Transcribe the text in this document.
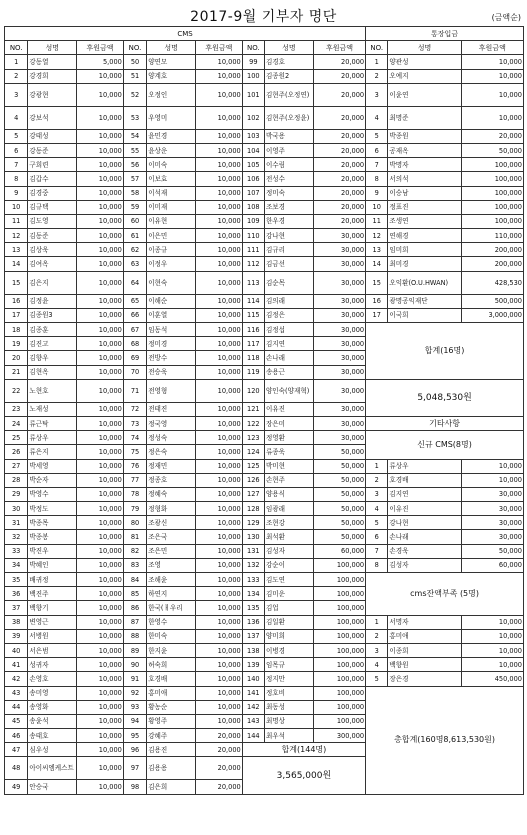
2017-9월 기부자 명단	(금액순)
CMS									통장입금		
NO.	성명	후원금액	NO.	성명	후원금액	NO.	성명	후원금액	NO.	성명	후원금액
1	강동열	5,000	50	양연모	10,000	99	김경호	20,000	1	양관성	10,000
2	강경희	10,000	51	양계호	10,000	100	김종원2	20,000	2	오예지	10,000
3	강광현	10,000	52	오정인	10,000	101	김현주(오정연)	20,000	3	이윤연	10,000
4	강보석	10,000	53	우영미	10,000	102	김현주(오정윤)	20,000	4	최명준	10,000
5	강태성	10,000	54	윤민경	10,000	103	박국용	20,000	5	박종원	20,000
6	강동준	10,000	55	윤상운	10,000	104	이영주	20,000	6	공재옥	50,000
7	구희련	10,000	56	이미숙	10,000	105	이수림	20,000	7	박명자	100,000
8	김갑수	10,000	57	이보효	10,000	106	전성수	20,000	8	서의석	100,000
9	김경중	10,000	58	이석재	10,000	107	정미숙	20,000	9	이승남	100,000
10	김규택	10,000	59	이미재	10,000	108	조보경	20,000	10	정표진	100,000
11	김도영	10,000	60	이유현	10,000	109	한우경	20,000	11	조생연	100,000
12	김동준	10,000	61	이은민	10,000	110	강나현	30,000	12	연해경	110,000
13	김상욱	10,000	62	이종규	10,000	111	김규리	30,000	13	임미희	200,000
14	김여옥	10,000	63	이정우	10,000	112	김금선	30,000	14	최미경	200,000
15	김은지	10,000	64	이현숙	10,000	113	김순목	30,000	15	오익환(O.U.HWAN)	428,530
16	김정윤	10,000	65	이해순	10,000	114	김의래	30,000	16	광명공익재단	500,000
17	김종원3	10,000	66	이훈열	10,000	115	김정은	30,000	17	이국희	3,000,000
18	김종훈	10,000	67	임동석	10,000	116	김정섭	30,000	합계(16명)		
19	김진고	10,000	68	정미경	10,000	117	김지연	30,000			
20	김향우	10,000	69	전방수	10,000	118	손나래	30,000			
21	김현옥	10,000	70	전승욱	10,000	119	송용근	30,000			
22	노현호	10,000	71	전영형	10,000	120	양인숙(양재혁)	30,000	5,048,530원		
23	노재성	10,000	72	전태진	10,000	121	이유진	30,000			
24	류근탁	10,000	73	정국영	10,000	122	장은미	30,000	기타사항		
25	류상우	10,000	74	정성숙	10,000	123	정영환	30,000	신규 CMS(8명)		
26	류은지	10,000	75	정은숙	10,000	124	류종욱	50,000			
27	박세영	10,000	76	정재민	10,000	125	박미현	50,000	1	류상우	10,000
28	박순자	10,000	77	정종호	10,000	126	손현주	50,000	2	호경배	10,000
29	박영수	10,000	78	정혜숙	10,000	127	양용식	50,000	3	김지연	30,000
30	박정도	10,000	79	정형화	10,000	128	임광래	50,000	4	이유진	30,000
31	박종목	10,000	80	조광신	10,000	129	조현강	50,000	5	강나현	30,000
32	박종봉	10,000	81	조은국	10,000	130	최석환	50,000	6	손나래	30,000
33	박진우	10,000	82	조은민	10,000	131	김성자	60,000	7	손경욱	50,000
34	박혜인	10,000	83	조영	10,000	132	강순이	100,000	8	김성자	60,000
35	배귀정	10,000	84	조해윤	10,000	133	김도연	100,000	cms잔액부족 (5명)		
36	백진주	10,000	85	하연지	10,000	134	김미운	100,000			
37	백향기	10,000	86	한국(ㅐ우리	10,000	135	김업	100,000			
38	변영근	10,000	87	한영수	10,000	136	김일환	100,000	1	서명자	10,000
39	서병원	10,000	88	한미숙	10,000	137	양미희	100,000	2	홍미애	10,000
40	서은범	10,000	89	한지윤	10,000	138	이병경	100,000	3	이종희	10,000
41	성귀자	10,000	90	허숙희	10,000	139	임목규	100,000	4	백향원	10,000
42	손영호	10,000	91	호경배	10,000	140	정지만	100,000	5	장은경	450,000
43	송미영	10,000	92	홍미애	10,000	141	정호비	100,000	총합계(160명8,613,530원)		
44	송영화	10,000	93	황농순	10,000	142	최동성	100,000			
45	송윤석	10,000	94	황영주	10,000	143	최명상	100,000			
46	송태호	10,000	95	강혜주	20,000	144	최우석	300,000			
47	심우성	10,000	96	김용진	20,000	합계(144명)					
48	아이씨엠케스트	10,000	97	김용용	20,000	3,565,000원					
49	안승국	10,000	98	김은희	20,000						
